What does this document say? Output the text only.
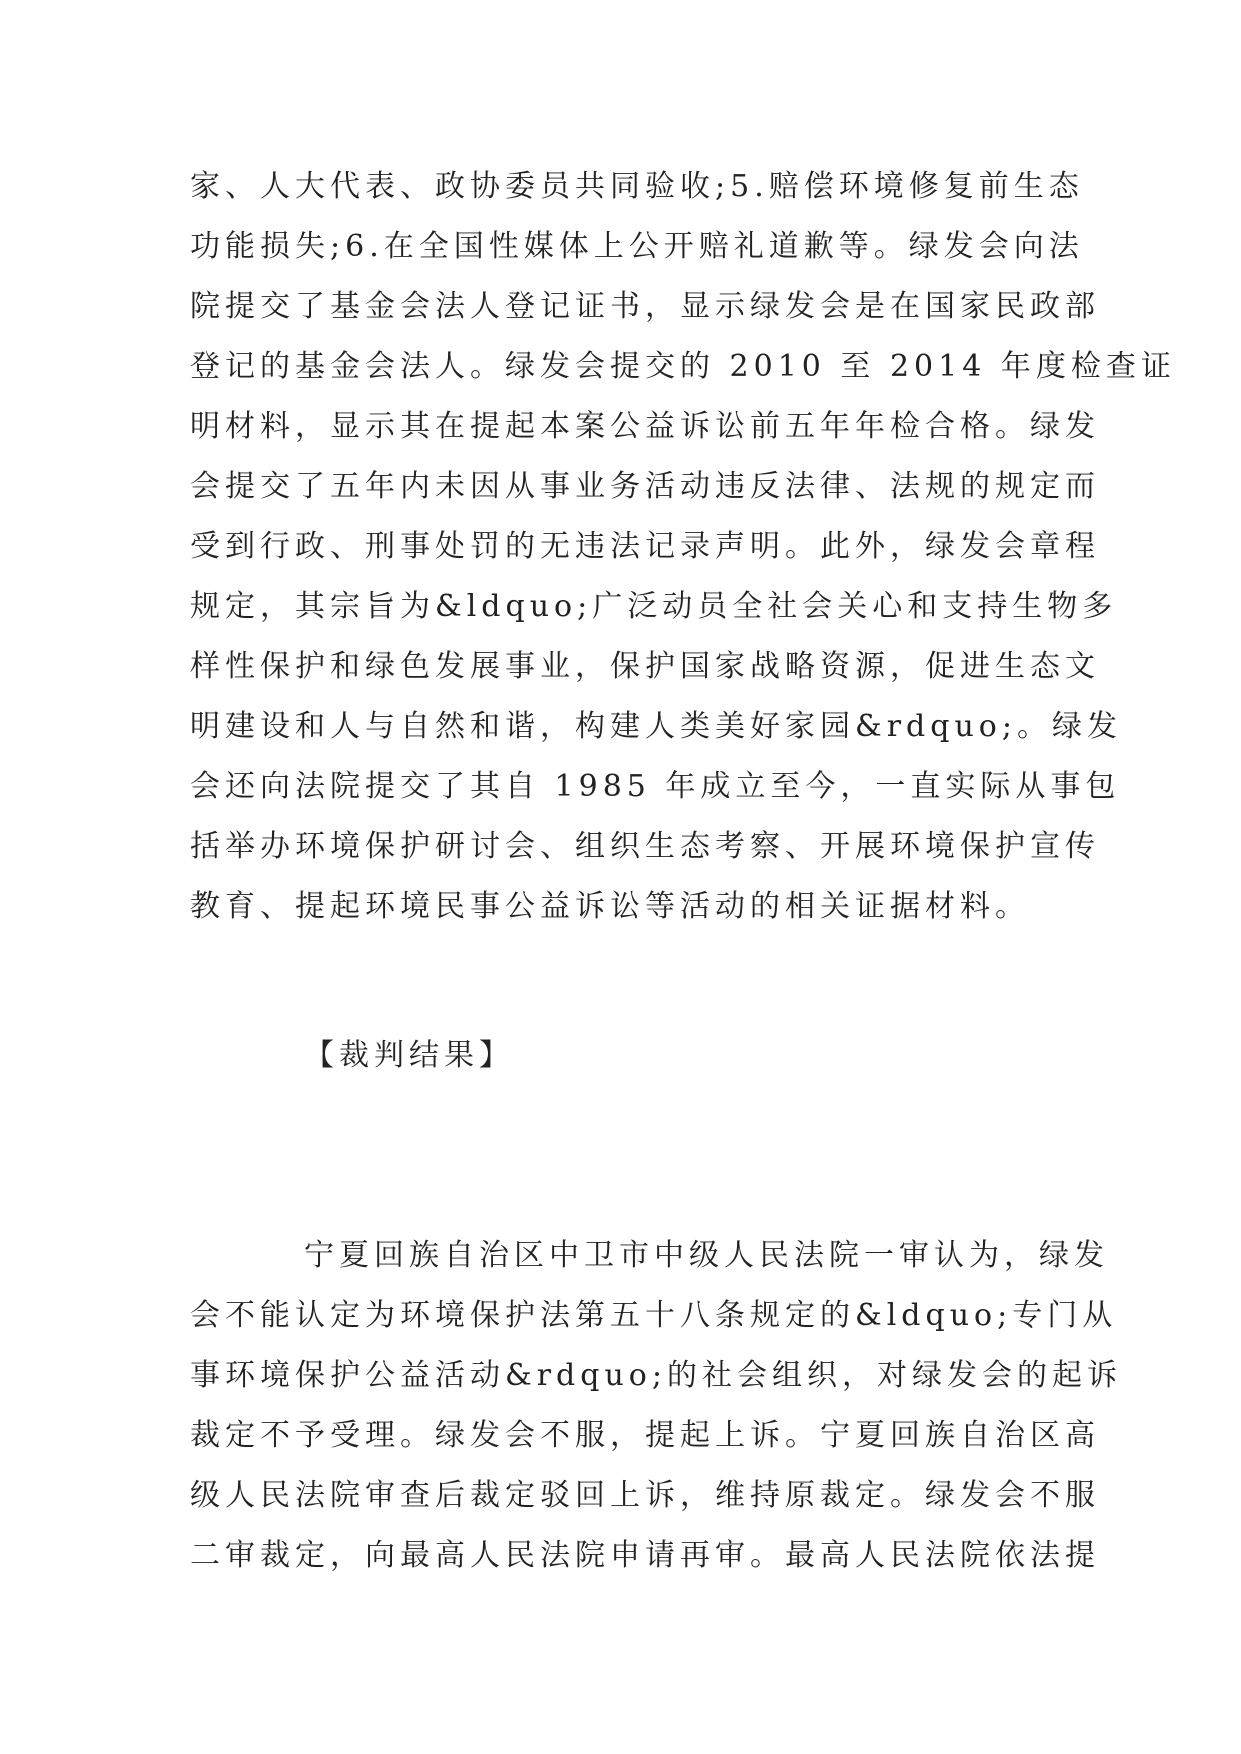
家、人大代表、政协委员共同验收;5.赔偿环境修复前生态
功能损失;6.在全国性媒体上公开赔礼道歉等。绿发会向法
院提交了基金会法人登记证书，显示绿发会是在国家民政部
登记的基金会法人。绿发会提交的 2010 至 2014 年度检查证
明材料，显示其在提起本案公益诉讼前五年年检合格。绿发
会提交了五年内未因从事业务活动违反法律、法规的规定而
受到行政、刑事处罚的无违法记录声明。此外，绿发会章程
规定，其宗旨为&ldquo;广泛动员全社会关心和支持生物多
样性保护和绿色发展事业，保护国家战略资源，促进生态文
明建设和人与自然和谐，构建人类美好家园&rdquo;。绿发
会还向法院提交了其自 1985 年成立至今，一直实际从事包
括举办环境保护研讨会、组织生态考察、开展环境保护宣传
教育、提起环境民事公益诉讼等活动的相关证据材料。
【裁判结果】
宁夏回族自治区中卫市中级人民法院一审认为，绿发
会不能认定为环境保护法第五十八条规定的&ldquo;专门从
事环境保护公益活动&rdquo;的社会组织，对绿发会的起诉
裁定不予受理。绿发会不服，提起上诉。宁夏回族自治区高
级人民法院审查后裁定驳回上诉，维持原裁定。绿发会不服
二审裁定，向最高人民法院申请再审。最高人民法院依法提
